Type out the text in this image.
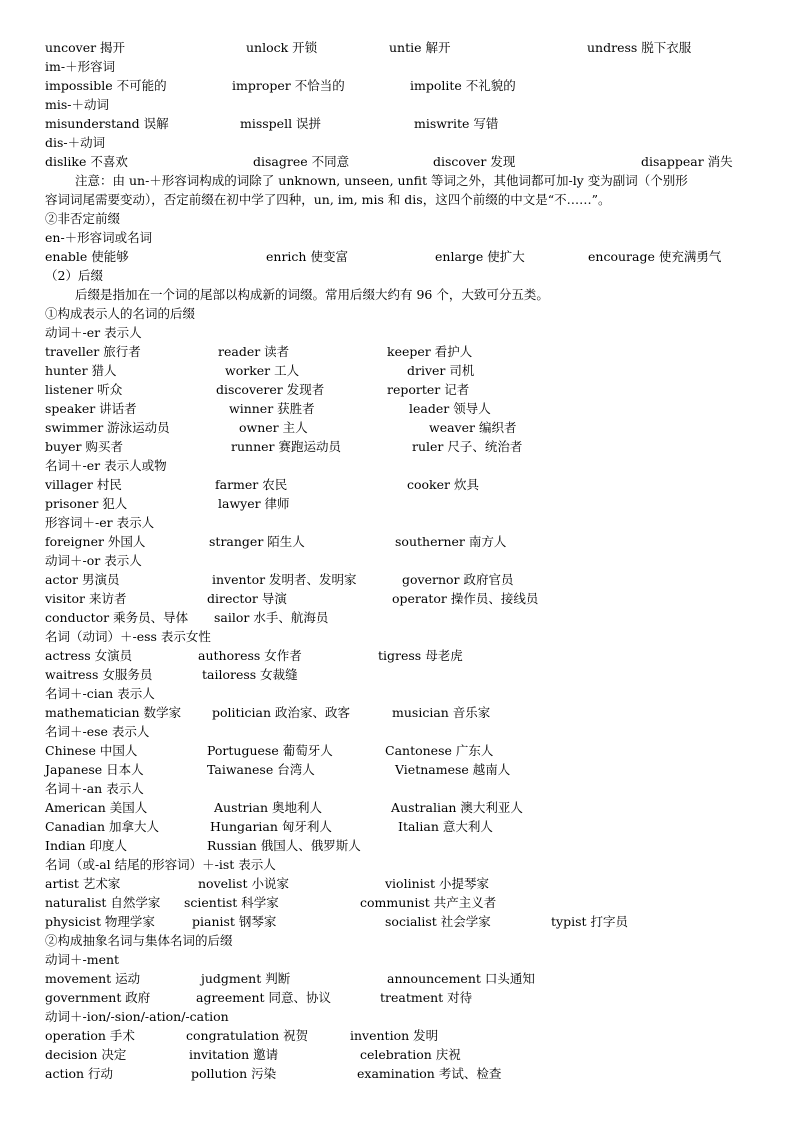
uncover 揭开	unlock 开锁	untie 解开	undress 脱下衣服
im-＋形容词
impossible 不可能的	improper 不恰当的	impolite 不礼貌的
mis-＋动词
misunderstand 误解	misspell 误拼	miswrite 写错
dis-＋动词
dislike 不喜欢	disagree 不同意	discover 发现	disappear 消失
注意：由 un-＋形容词构成的词除了 unknown, unseen, unfit 等词之外，其他词都可加-ly 变为副词（个别形
容词词尾需要变动），否定前缀在初中学了四种，un, im, mis 和 dis，这四个前缀的中文是“不……”。
②非否定前缀
en-＋形容词或名词
enable 使能够	enrich 使变富	enlarge 使扩大	encourage 使充满勇气
（2）后缀
后缀是指加在一个词的尾部以构成新的词缀。常用后缀大约有 96 个，大致可分五类。
①构成表示人的名词的后缀
动词＋-er 表示人
traveller 旅行者	reader 读者	keeper 看护人
hunter 猎人	worker 工人	driver 司机
listener 听众	discoverer 发现者	reporter 记者
speaker 讲话者	winner 获胜者	leader 领导人
swimmer 游泳运动员	owner 主人	weaver 编织者
buyer 购买者	runner 赛跑运动员	ruler 尺子、统治者
名词＋-er 表示人或物
villager 村民	farmer 农民	cooker 炊具
prisoner 犯人	lawyer 律师
形容词＋-er 表示人
foreigner 外国人	stranger 陌生人	southerner 南方人
动词＋-or 表示人
actor 男演员	inventor 发明者、发明家	governor 政府官员
visitor 来访者	director 导演	operator 操作员、接线员
conductor 乘务员、导体 sailor 水手、航海员
名词（动词）＋-ess 表示女性
actress 女演员	authoress 女作者	tigress 母老虎
waitress 女服务员	tailoress 女裁缝
名词＋-cian 表示人
mathematician 数学家 politician 政治家、政客	musician 音乐家
名词＋-ese 表示人
Chinese 中国人	Portuguese 葡萄牙人	Cantonese 广东人
Japanese 日本人	Taiwanese 台湾人	Vietnamese 越南人
名词＋-an 表示人
American 美国人	Austrian 奥地利人	Australian 澳大利亚人
Canadian 加拿大人	Hungarian 匈牙利人	Italian 意大利人
Indian 印度人	Russian 俄国人、俄罗斯人
名词（或-al 结尾的形容词）＋-ist 表示人
artist 艺术家	novelist 小说家	violinist 小提琴家
naturalist 自然学家 scientist 科学家	communist 共产主义者
physicist 物理学家	pianist 钢琴家	socialist 社会学家	typist 打字员
②构成抽象名词与集体名词的后缀
动词＋-ment
movement 运动	judgment 判断	announcement 口头通知
government 政府	agreement 同意、协议	treatment 对待
动词＋-ion/-sion/-ation/-cation
operation 手术	congratulation 祝贺	invention 发明
decision 决定	invitation 邀请	celebration 庆祝
action 行动	pollution 污染	examination 考试、检查
